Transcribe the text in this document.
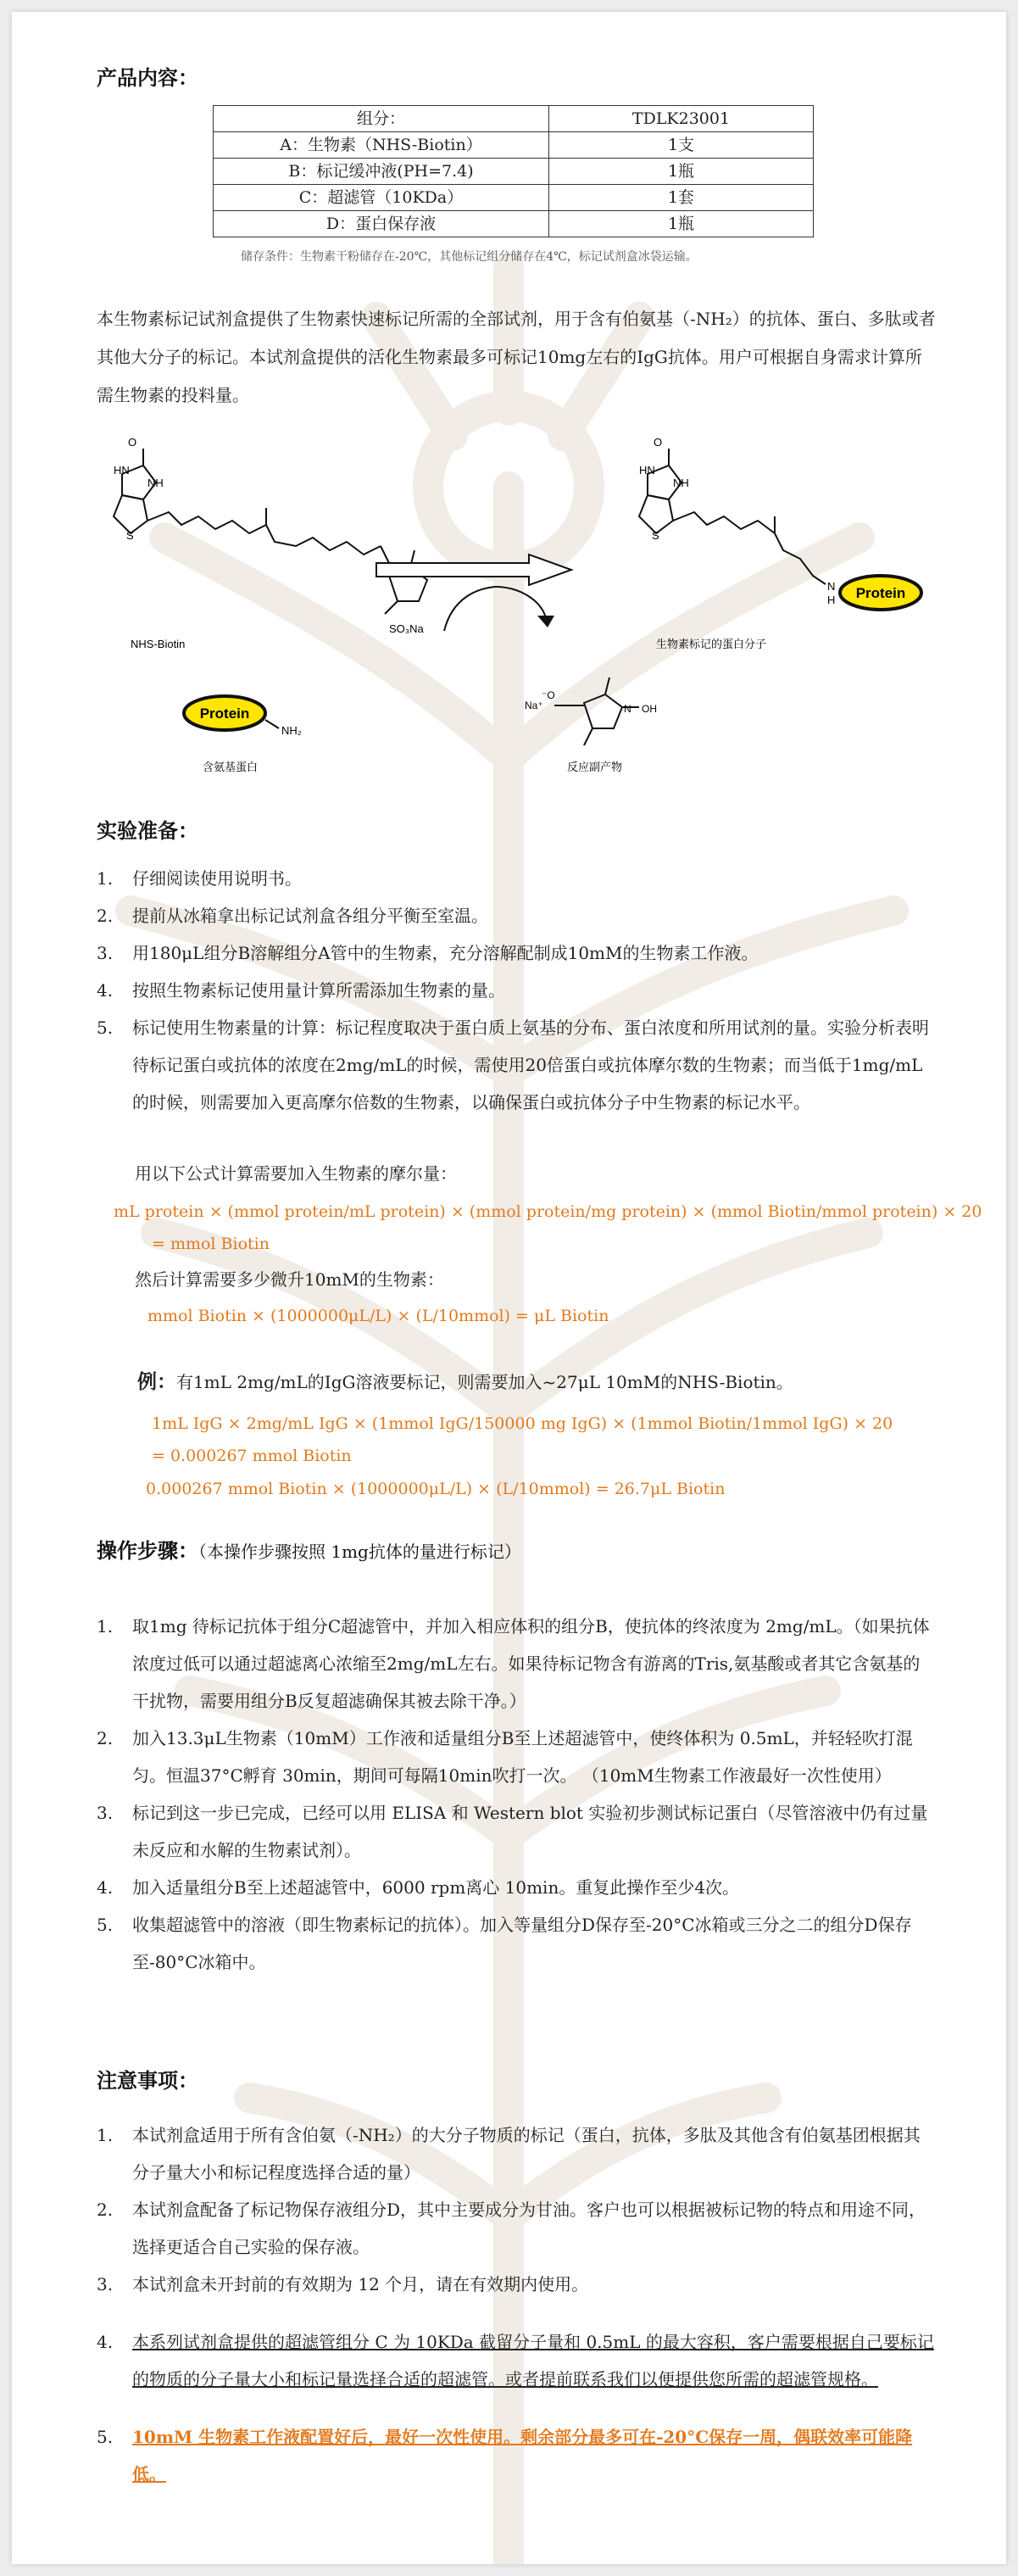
产品内容：
组分：	TDLK23001
A：生物素（NHS-Biotin）	1支
B：标记缓冲液(PH=7.4)	1瓶
C：超滤管（10KDa）	1套
D：蛋白保存液	1瓶
储存条件：生物素干粉储存在-20℃，其他标记组分储存在4℃，标记试剂盒冰袋运输。
本生物素标记试剂盒提供了生物素快速标记所需的全部试剂，用于含有伯氨基（-NH₂）的抗体、蛋白、多肽或者其他大分子的标记。本试剂盒提供的活化生物素最多可标记10mg左右的IgG抗体。用户可根据自身需求计算所需生物素的投料量。
HN
NH
O
S
SO₃Na
NHS-Biotin
HN
NH
O
S
N
H Protein
生物素标记的蛋白分子
Protein
NH₂
含氨基蛋白
Na⁺
⁻O
N OH
反应副产物
实验准备：
1. 仔细阅读使用说明书。
2. 提前从冰箱拿出标记试剂盒各组分平衡至室温。
3. 用180μL组分B溶解组分A管中的生物素，充分溶解配制成10mM的生物素工作液。
4. 按照生物素标记使用量计算所需添加生物素的量。
5. 标记使用生物素量的计算：标记程度取决于蛋白质上氨基的分布、蛋白浓度和所用试剂的量。实验分析表明待标记蛋白或抗体的浓度在2mg/mL的时候，需使用20倍蛋白或抗体摩尔数的生物素；而当低于1mg/mL的时候，则需要加入更高摩尔倍数的生物素，以确保蛋白或抗体分子中生物素的标记水平。
用以下公式计算需要加入生物素的摩尔量：
mL protein × (mmol protein/mL protein) × (mmol protein/mg protein) × (mmol Biotin/mmol protein) × 20
= mmol Biotin
然后计算需要多少微升10mM的生物素：
mmol Biotin × (1000000μL/L) × (L/10mmol) = μL Biotin
例：有1mL 2mg/mL的IgG溶液要标记，则需要加入~27μL 10mM的NHS-Biotin。
1mL IgG × 2mg/mL IgG × (1mmol IgG/150000 mg IgG) × (1mmol Biotin/1mmol IgG) × 20
= 0.000267 mmol Biotin
0.000267 mmol Biotin × (1000000μL/L) × (L/10mmol) = 26.7μL Biotin
操作步骤：（本操作步骤按照 1mg抗体的量进行标记）
1. 取1mg 待标记抗体于组分C超滤管中，并加入相应体积的组分B，使抗体的终浓度为 2mg/mL。（如果抗体浓度过低可以通过超滤离心浓缩至2mg/mL左右。如果待标记物含有游离的Tris,氨基酸或者其它含氨基的干扰物，需要用组分B反复超滤确保其被去除干净。）
2. 加入13.3μL生物素（10mM）工作液和适量组分B至上述超滤管中，使终体积为 0.5mL，并轻轻吹打混匀。恒温37°C孵育 30min，期间可每隔10min吹打一次。 （10mM生物素工作液最好一次性使用）
3. 标记到这一步已完成，已经可以用 ELISA 和 Western blot 实验初步测试标记蛋白（尽管溶液中仍有过量未反应和水解的生物素试剂）。
4. 加入适量组分B至上述超滤管中，6000 rpm离心 10min。重复此操作至少4次。
5. 收集超滤管中的溶液（即生物素标记的抗体）。加入等量组分D保存至-20°C冰箱或三分之二的组分D保存至-80°C冰箱中。
注意事项：
1. 本试剂盒适用于所有含伯氨（-NH₂）的大分子物质的标记（蛋白，抗体，多肽及其他含有伯氨基团根据其分子量大小和标记程度选择合适的量）
2. 本试剂盒配备了标记物保存液组分D，其中主要成分为甘油。客户也可以根据被标记物的特点和用途不同，选择更适合自己实验的保存液。
3. 本试剂盒未开封前的有效期为 12 个月，请在有效期内使用。
4. 本系列试剂盒提供的超滤管组分 C 为 10KDa 截留分子量和 0.5mL 的最大容积，客户需要根据自己要标记的物质的分子量大小和标记量选择合适的超滤管。或者提前联系我们以便提供您所需的超滤管规格。
5. 10mM 生物素工作液配置好后，最好一次性使用。剩余部分最多可在-20°C保存一周，偶联效率可能降低。
